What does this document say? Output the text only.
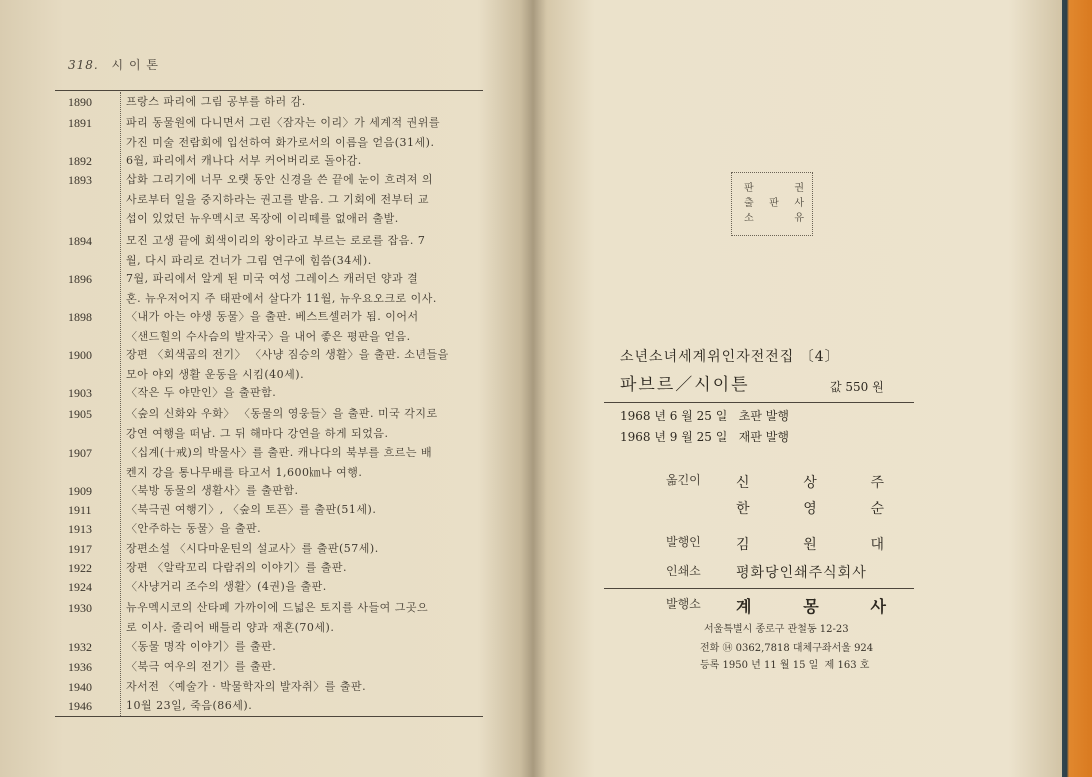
318. 시 이 톤
1890	프랑스 파리에 그림 공부를 하러 감.
1891	파리 동물원에 다니면서 그린〈잠자는 이리〉가 세계적 권위를
가진 미술 전람회에 입선하여 화가로서의 이름을 얻음(31세).
1892	6월, 파리에서 캐나다 서부 커어버리로 돌아감.
1893	삽화 그리기에 너무 오랫 동안 신경을 쓴 끝에 눈이 흐려져 의
사로부터 일을 중지하라는 권고를 받음. 그 기회에 전부터 교
섭이 있었던 뉴우멕시코 목장에 이리떼를 없애러 출발.
1894	모진 고생 끝에 회색이리의 왕이라고 부르는 로로를 잡음. 7
월, 다시 파리로 건너가 그림 연구에 힘씀(34세).
1896	7월, 파리에서 알게 된 미국 여성 그레이스 캐러던 양과 결
혼. 뉴우저어지 주 태판에서 살다가 11월, 뉴우요오크로 이사.
1898	〈내가 아는 야생 동물〉을 출판. 베스트셀러가 됨. 이어서
〈샌드힐의 수사슴의 발자국〉을 내어 좋은 평판을 얻음.
1900	장편 〈회색곰의 전기〉 〈사냥 짐승의 생활〉을 출판. 소년들을
모아 야외 생활 운동을 시킴(40세).
1903	〈작은 두 야만인〉을 출판함.
1905	〈숲의 신화와 우화〉 〈동물의 영웅들〉을 출판. 미국 각지로
강연 여행을 떠남. 그 뒤 해마다 강연을 하게 되었음.
1907	〈십계(十戒)의 박물사〉를 출판. 캐나다의 북부를 흐르는 배
켄지 강을 통나무배를 타고서 1,600㎞나 여행.
1909	〈북방 동물의 생활사〉를 출판함.
1911	〈북극권 여행기〉, 〈숲의 토픈〉를 출판(51세).
1913	〈안주하는 동물〉을 출판.
1917	장편소설 〈시다마운틴의 설교사〉를 출판(57세).
1922	장편 〈알락꼬리 다람쥐의 이야기〉를 출판.
1924	〈사냥거리 조수의 생활〉(4권)을 출판.
1930	뉴우멕시코의 산타페 가까이에 드넓은 토지를 사들여 그곳으
로 이사. 줄리어 배틀리 양과 재혼(70세).
1932	〈동물 명작 이야기〉를 출판.
1936	〈북극 여우의 전기〉를 출판.
1940	자서전 〈예술가 · 박물학자의 발자취〉를 출판.
1946	10월 23일, 죽음(86세).
판	권
출 판 사
소	유
소년소녀세계위인자전전집 〔4〕
파브르／시이튼	값 550 원
1968 년 6 월 25 일   초판 발행
1968 년 9 월 25 일   재판 발행
옮긴이	신	상	주
한	영	순
발행인	김	원	대
인쇄소	평화당인쇄주식회사
발행소 계	몽	사
서울특별시 종로구 관철동 12-23
전화 ⑭ 0362,7818 대체구좌서울 924
등록 1950 년 11 월 15 일  제 163 호
